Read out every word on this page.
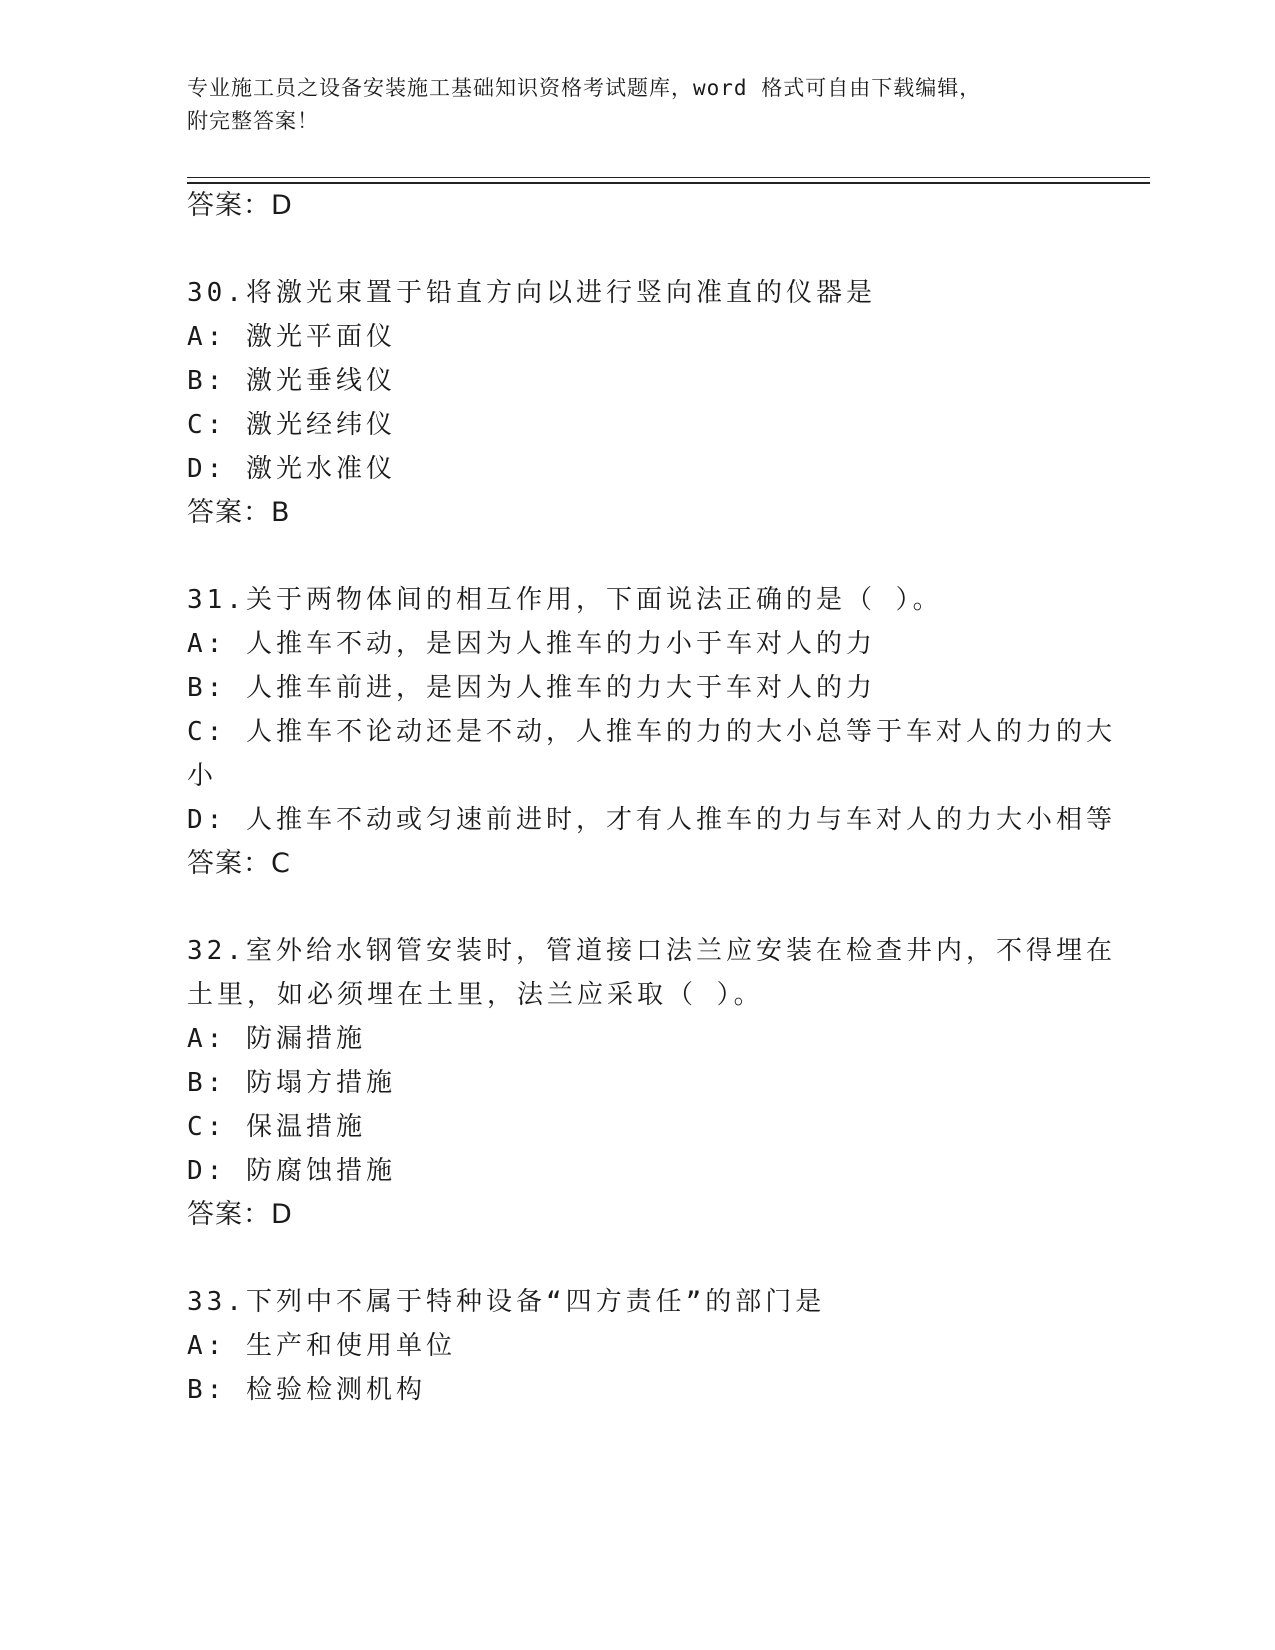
专业施工员之设备安装施工基础知识资格考试题库，word 格式可自由下载编辑，
附完整答案！
答案：D
30.将激光束置于铅直方向以进行竖向准直的仪器是
A: 激光平面仪
B: 激光垂线仪
C: 激光经纬仪
D: 激光水准仪
答案：B
31.关于两物体间的相互作用，下面说法正确的是（ ）。
A: 人推车不动，是因为人推车的力小于车对人的力
B: 人推车前进，是因为人推车的力大于车对人的力
C: 人推车不论动还是不动，人推车的力的大小总等于车对人的力的大
小
D: 人推车不动或匀速前进时，才有人推车的力与车对人的力大小相等
答案：C
32.室外给水钢管安装时，管道接口法兰应安装在检查井内，不得埋在
土里，如必须埋在土里，法兰应采取（ ）。
A: 防漏措施
B: 防塌方措施
C: 保温措施
D: 防腐蚀措施
答案：D
33.下列中不属于特种设备“四方责任”的部门是
A: 生产和使用单位
B: 检验检测机构
